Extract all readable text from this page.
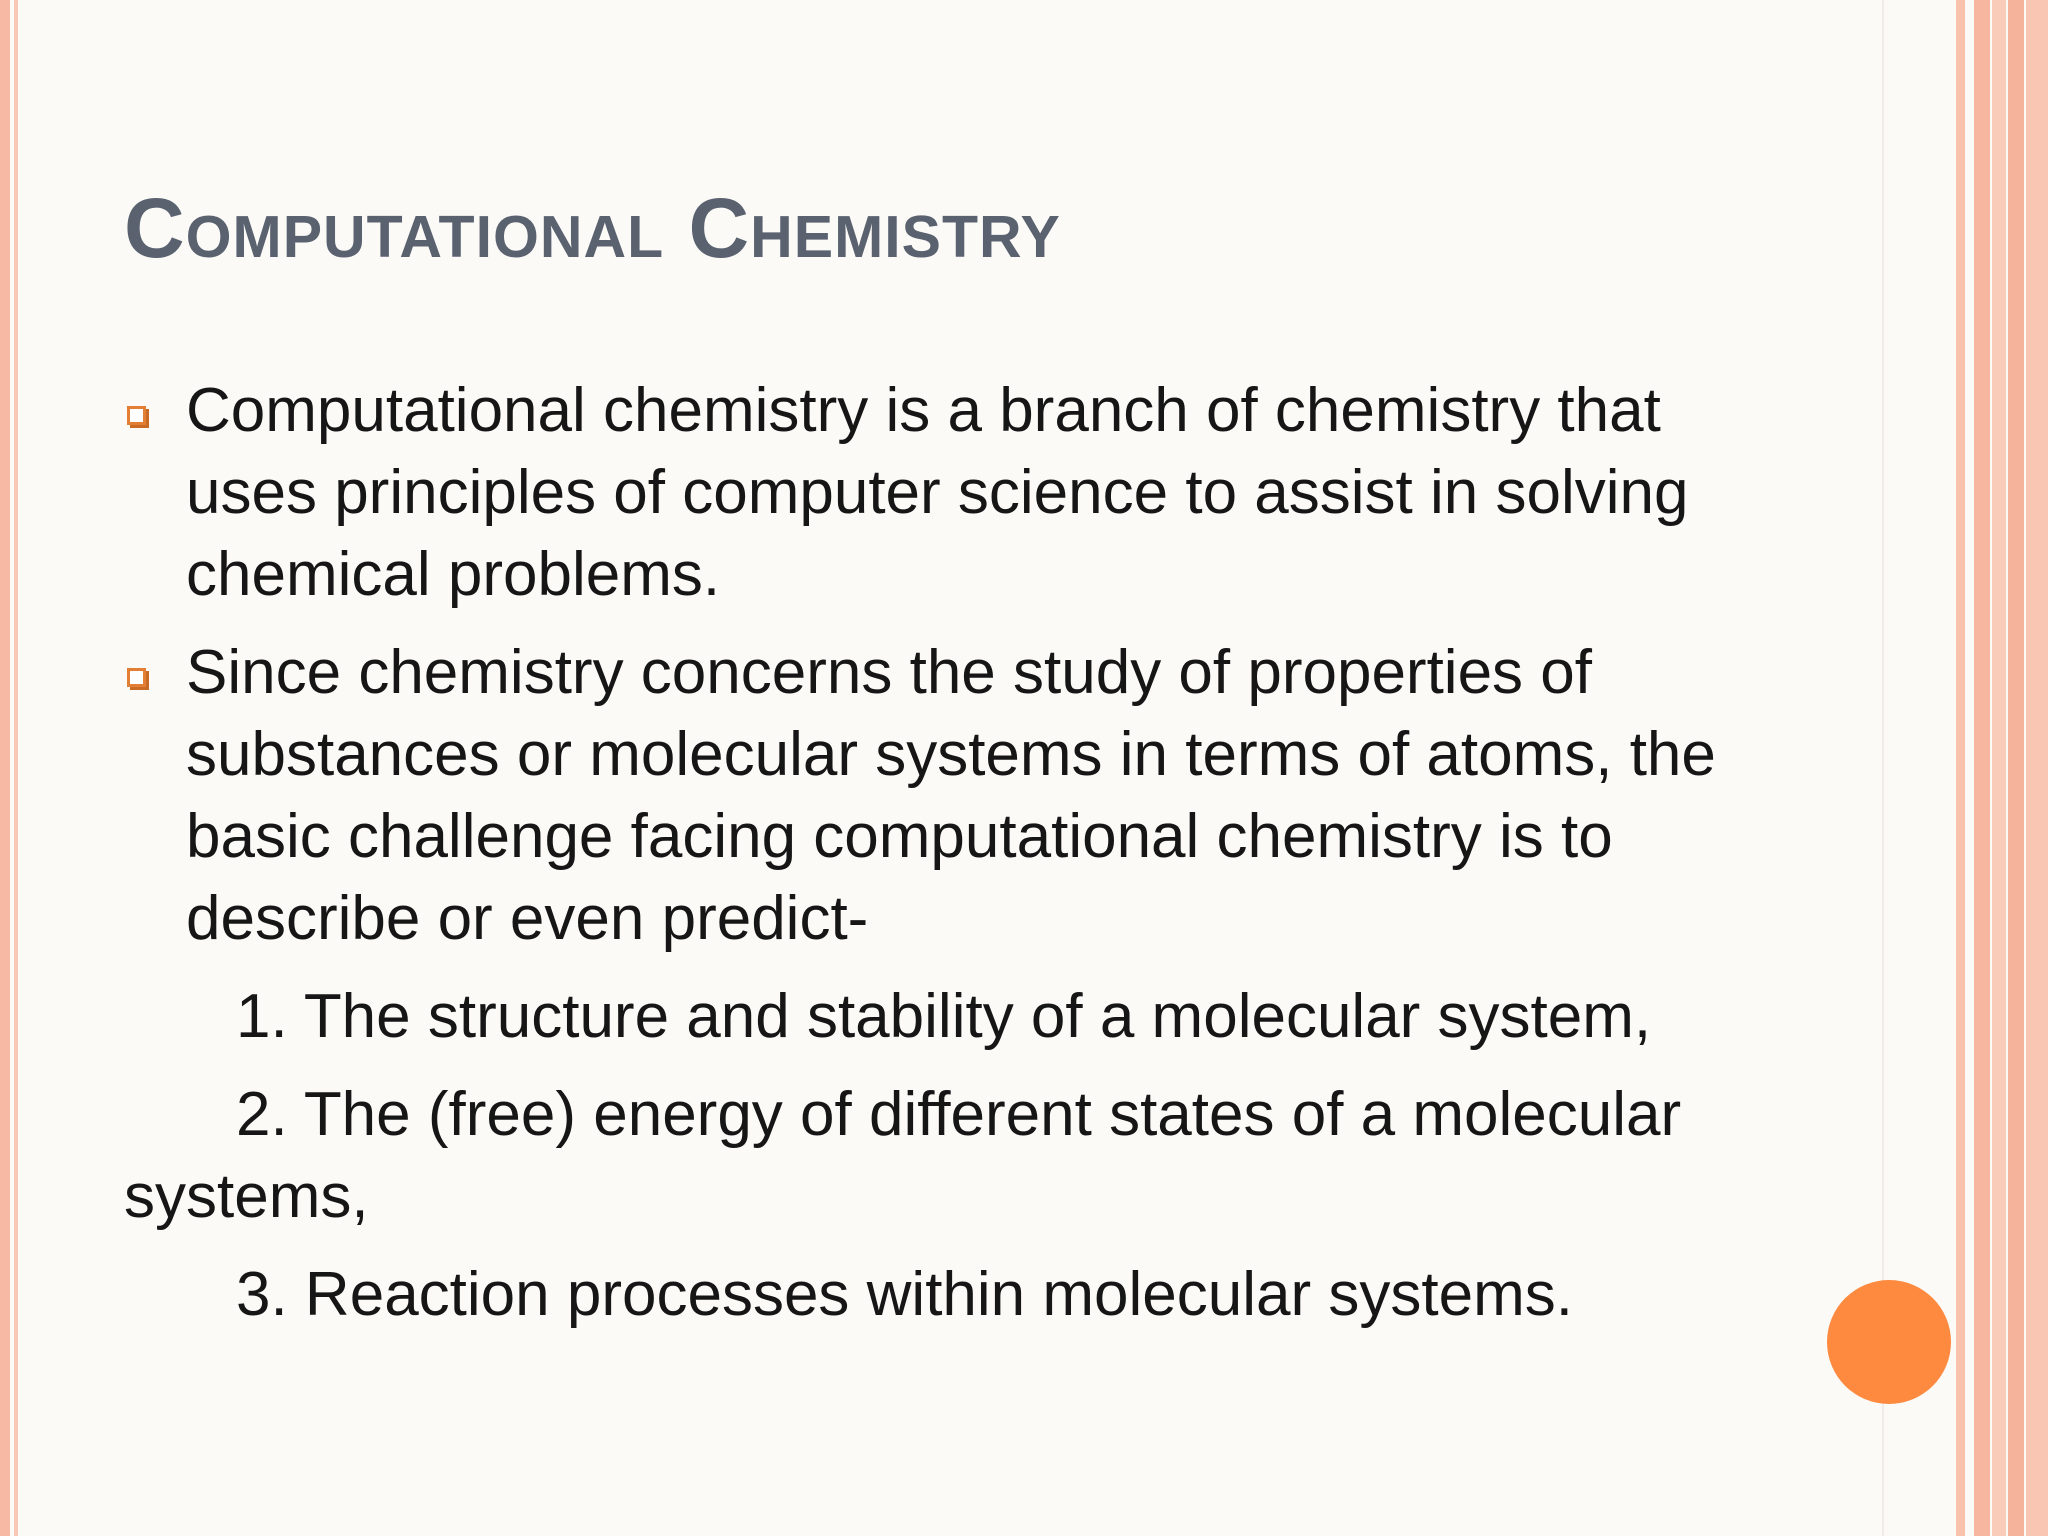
Computational Chemistry
Computational chemistry is a branch of chemistry that uses principles of computer science to assist in solving chemical problems.
Since chemistry concerns the study of properties of substances or molecular systems in terms of atoms, the basic challenge facing computational chemistry is to describe or even predict-
1. The structure and stability of a molecular system,
2. The (free) energy of different states of a molecular systems,
3. Reaction processes within molecular systems.
